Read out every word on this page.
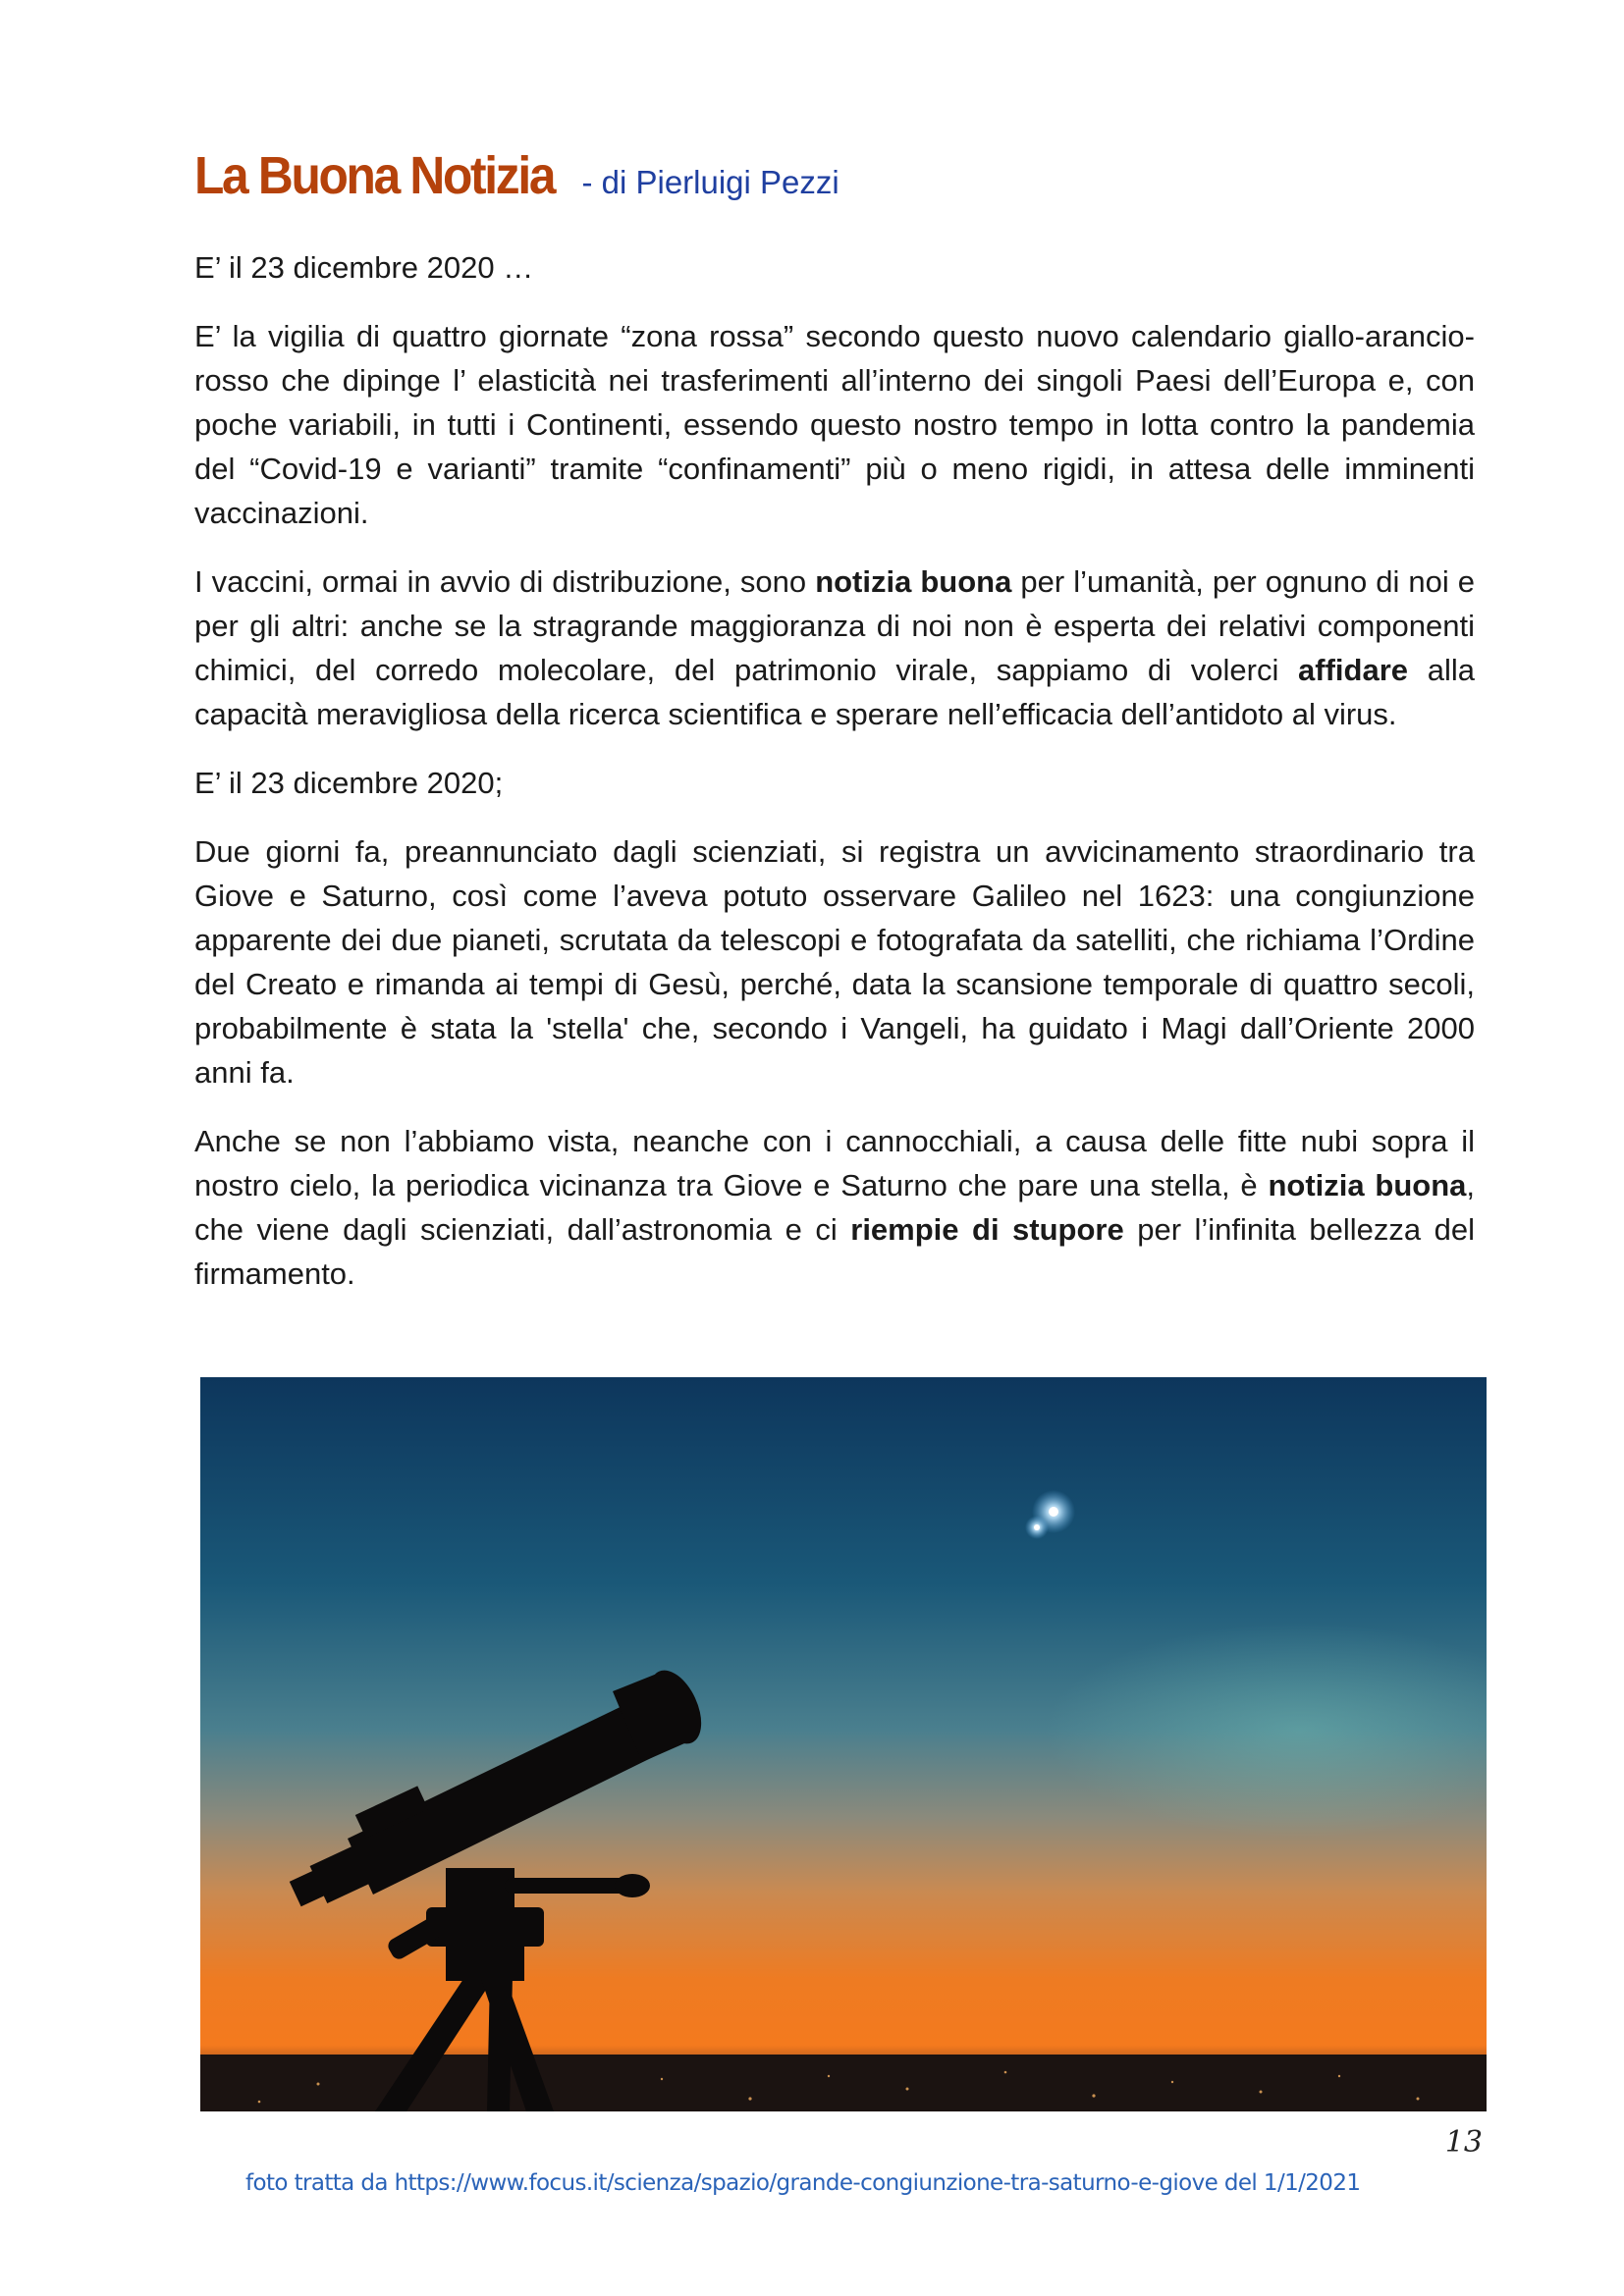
La Buona Notizia - di Pierluigi Pezzi

E’ il 23 dicembre 2020 …

E’ la vigilia di quattro giornate “zona rossa” secondo questo nuovo calendario giallo-arancio-rosso che dipinge l’ elasticità nei trasferimenti all’interno dei singoli Paesi dell’Europa e, con poche variabili, in tutti i Continenti, essendo questo nostro tempo in lotta contro la pandemia del “Covid-19 e varianti” tramite “confinamenti” più o meno rigidi, in attesa delle imminenti vaccinazioni.

I vaccini, ormai in avvio di distribuzione, sono notizia buona per l’umanità, per ognuno di noi e per gli altri: anche se la stragrande maggioranza di noi non è esperta dei relativi componenti chimici, del corredo molecolare, del patrimonio virale, sappiamo di volerci affidare alla capacità meravigliosa della ricerca scientifica e sperare nell’efficacia dell’antidoto al virus.

E’ il 23 dicembre 2020;

Due giorni fa, preannunciato dagli scienziati, si registra un avvicinamento straordinario tra Giove e Saturno, così come l’aveva potuto osservare Galileo nel 1623: una congiunzione apparente dei due pianeti, scrutata da telescopi e fotografata da satelliti, che richiama l’Ordine del Creato e rimanda ai tempi di Gesù, perché, data la scansione temporale di quattro secoli, probabilmente è stata la 'stella' che, secondo i Vangeli, ha guidato i Magi dall’Oriente 2000 anni fa.

Anche se non l’abbiamo vista, neanche con i cannocchiali, a causa delle fitte nubi sopra il nostro cielo, la periodica vicinanza tra Giove e Saturno che pare una stella, è notizia buona, che viene dagli scienziati, dall’astronomia e ci riempie di stupore per l’infinita bellezza del firmamento.

13
foto tratta da https://www.focus.it/scienza/spazio/grande-congiunzione-tra-saturno-e-giove del 1/1/2021
